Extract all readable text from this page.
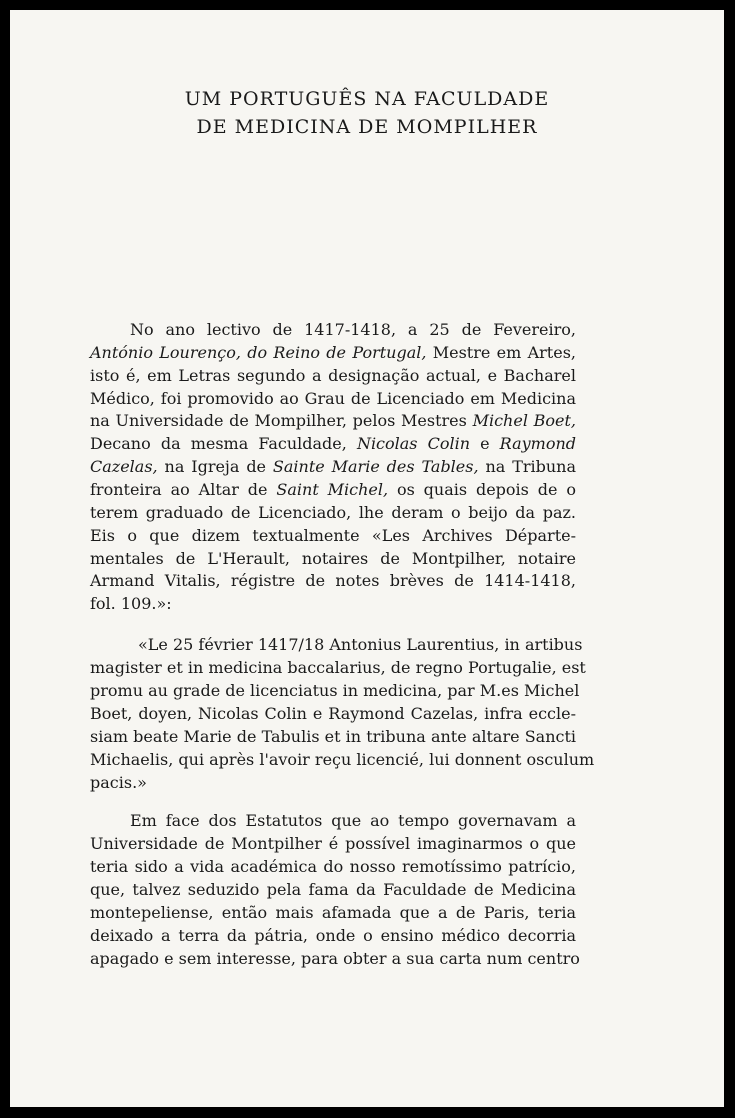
UM PORTUGUÊS NA FACULDADE
DE MEDICINA DE MOMPILHER
No ano lectivo de 1417-1418, a 25 de Fevereiro,
António Lourenço, do Reino de Portugal, Mestre em Artes,
isto é, em Letras segundo a designação actual, e Bacharel
Médico, foi promovido ao Grau de Licenciado em Medicina
na Universidade de Mompilher, pelos Mestres Michel Boet,
Decano da mesma Faculdade, Nicolas Colin e Raymond
Cazelas, na Igreja de Sainte Marie des Tables, na Tribuna
fronteira ao Altar de Saint Michel, os quais depois de o
terem graduado de Licenciado, lhe deram o beijo da paz.
Eis o que dizem textualmente «Les Archives Départe-
mentales de L'Herault, notaires de Montpilher, notaire
Armand Vitalis, régistre de notes brèves de 1414-1418,
fol. 109.»:
«Le 25 février 1417/18 Antonius Laurentius, in artibus
magister et in medicina baccalarius, de regno Portugalie, est
promu au grade de licenciatus in medicina, par M.es Michel
Boet, doyen, Nicolas Colin e Raymond Cazelas, infra eccle-
siam beate Marie de Tabulis et in tribuna ante altare Sancti
Michaelis, qui après l'avoir reçu licencié, lui donnent osculum
pacis.»
Em face dos Estatutos que ao tempo governavam a
Universidade de Montpilher é possível imaginarmos o que
teria sido a vida académica do nosso remotíssimo patrício,
que, talvez seduzido pela fama da Faculdade de Medicina
montepeliense, então mais afamada que a de Paris, teria
deixado a terra da pátria, onde o ensino médico decorria
apagado e sem interesse, para obter a sua carta num centro
